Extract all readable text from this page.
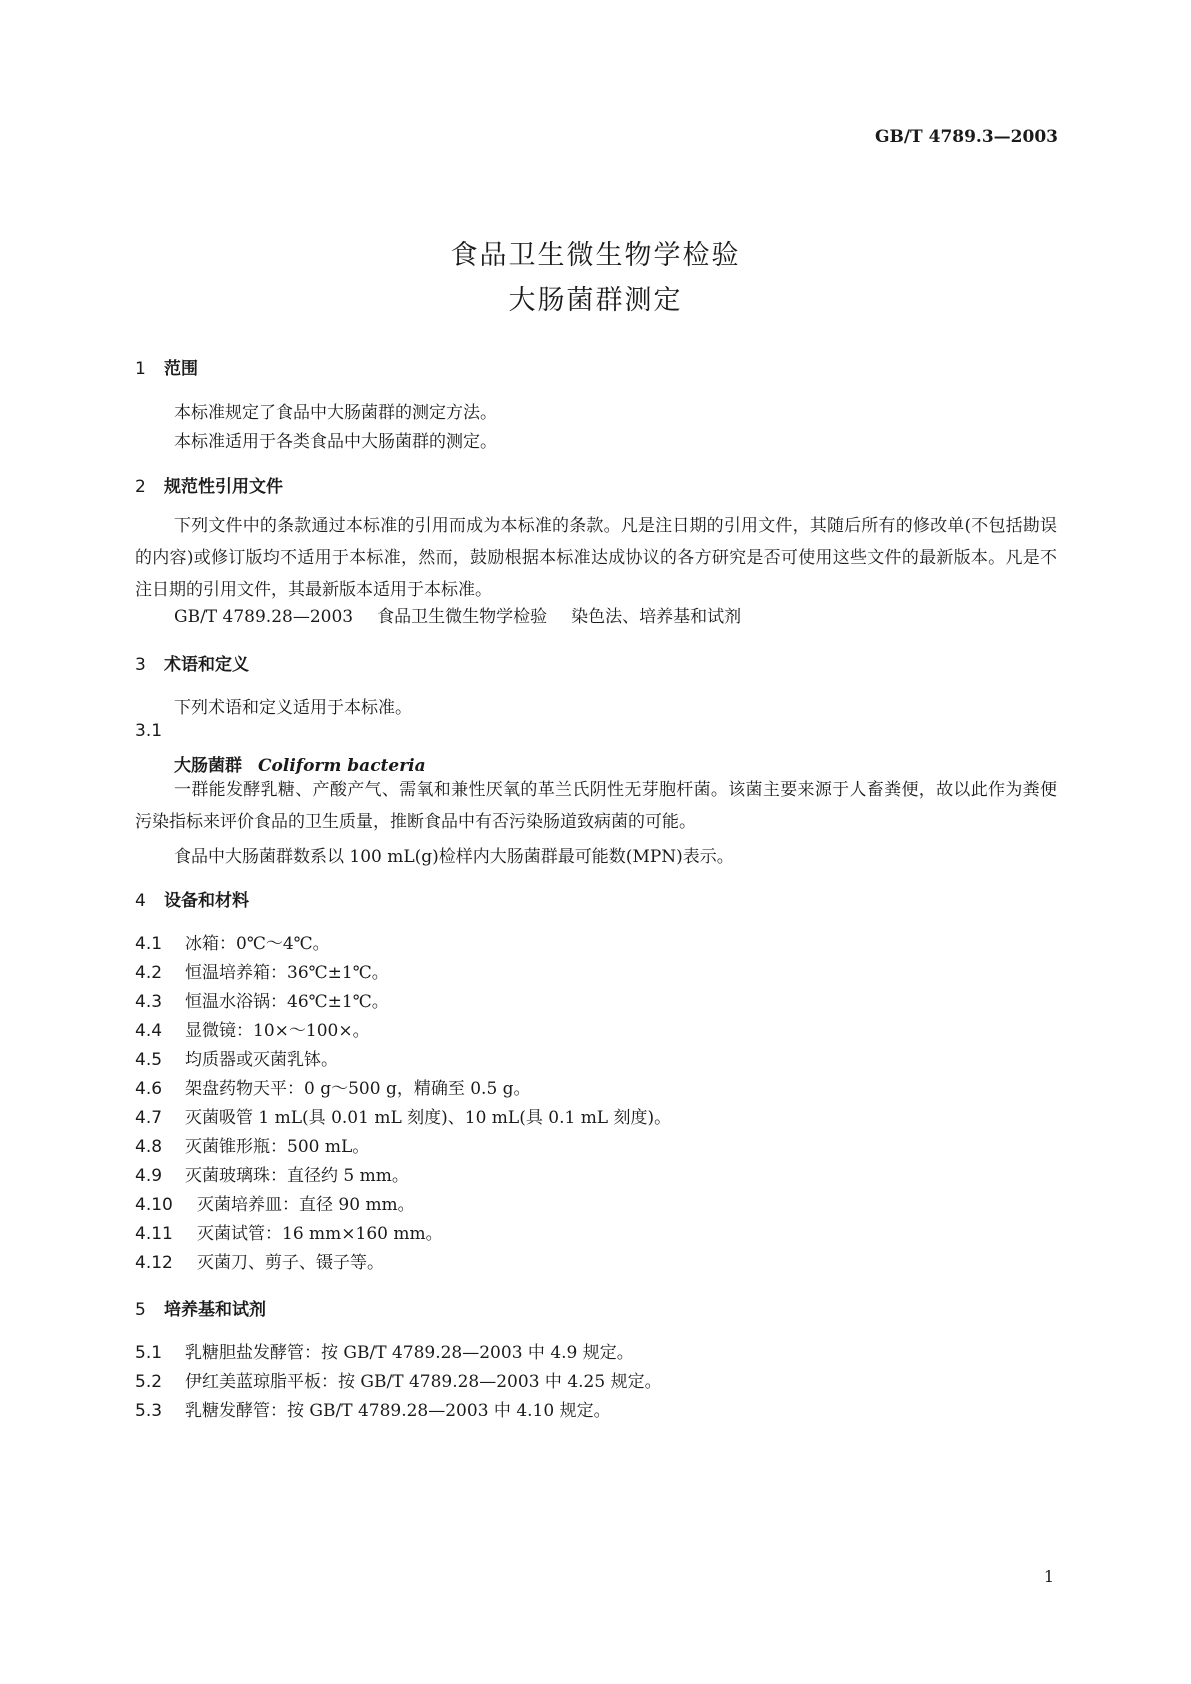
GB/T 4789.3—2003
食品卫生微生物学检验
大肠菌群测定
1 范围
本标准规定了食品中大肠菌群的测定方法。
本标准适用于各类食品中大肠菌群的测定。
2 规范性引用文件
下列文件中的条款通过本标准的引用而成为本标准的条款。凡是注日期的引用文件，其随后所有的修改单(不包括勘误的内容)或修订版均不适用于本标准，然而，鼓励根据本标准达成协议的各方研究是否可使用这些文件的最新版本。凡是不注日期的引用文件，其最新版本适用于本标准。
GB/T 4789.28—2003 食品卫生微生物学检验 染色法、培养基和试剂
3 术语和定义
下列术语和定义适用于本标准。
3.1
大肠菌群 Coliform bacteria
一群能发酵乳糖、产酸产气、需氧和兼性厌氧的革兰氏阴性无芽胞杆菌。该菌主要来源于人畜粪便，故以此作为粪便污染指标来评价食品的卫生质量，推断食品中有否污染肠道致病菌的可能。
食品中大肠菌群数系以 100 mL(g)检样内大肠菌群最可能数(MPN)表示。
4 设备和材料
4.1 冰箱：0℃～4℃。
4.2 恒温培养箱：36℃±1℃。
4.3 恒温水浴锅：46℃±1℃。
4.4 显微镜：10×～100×。
4.5 均质器或灭菌乳钵。
4.6 架盘药物天平：0 g～500 g，精确至 0.5 g。
4.7 灭菌吸管 1 mL(具 0.01 mL 刻度)、10 mL(具 0.1 mL 刻度)。
4.8 灭菌锥形瓶：500 mL。
4.9 灭菌玻璃珠：直径约 5 mm。
4.10 灭菌培养皿：直径 90 mm。
4.11 灭菌试管：16 mm×160 mm。
4.12 灭菌刀、剪子、镊子等。
5 培养基和试剂
5.1 乳糖胆盐发酵管：按 GB/T 4789.28—2003 中 4.9 规定。
5.2 伊红美蓝琼脂平板：按 GB/T 4789.28—2003 中 4.25 规定。
5.3 乳糖发酵管：按 GB/T 4789.28—2003 中 4.10 规定。
1
